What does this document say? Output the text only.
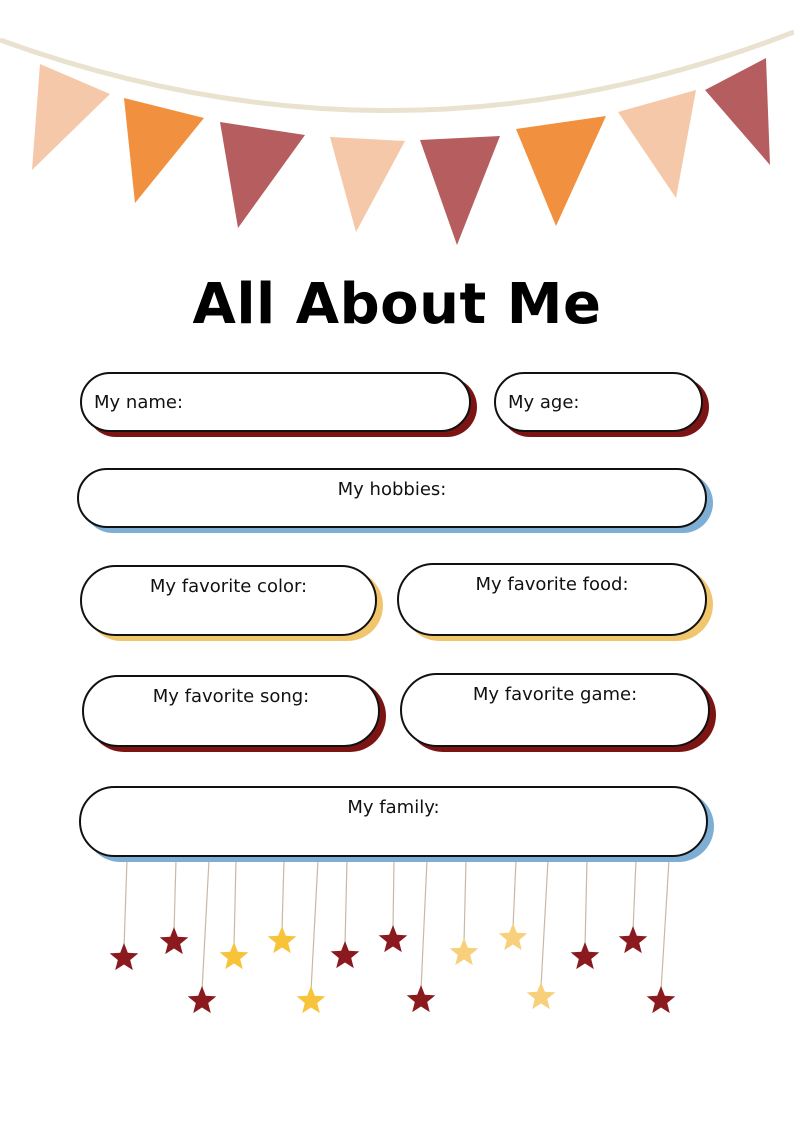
All About Me
My name:	My age:
My hobbies:
My favorite color:	My favorite food:
My favorite song:	My favorite game:
My family:
